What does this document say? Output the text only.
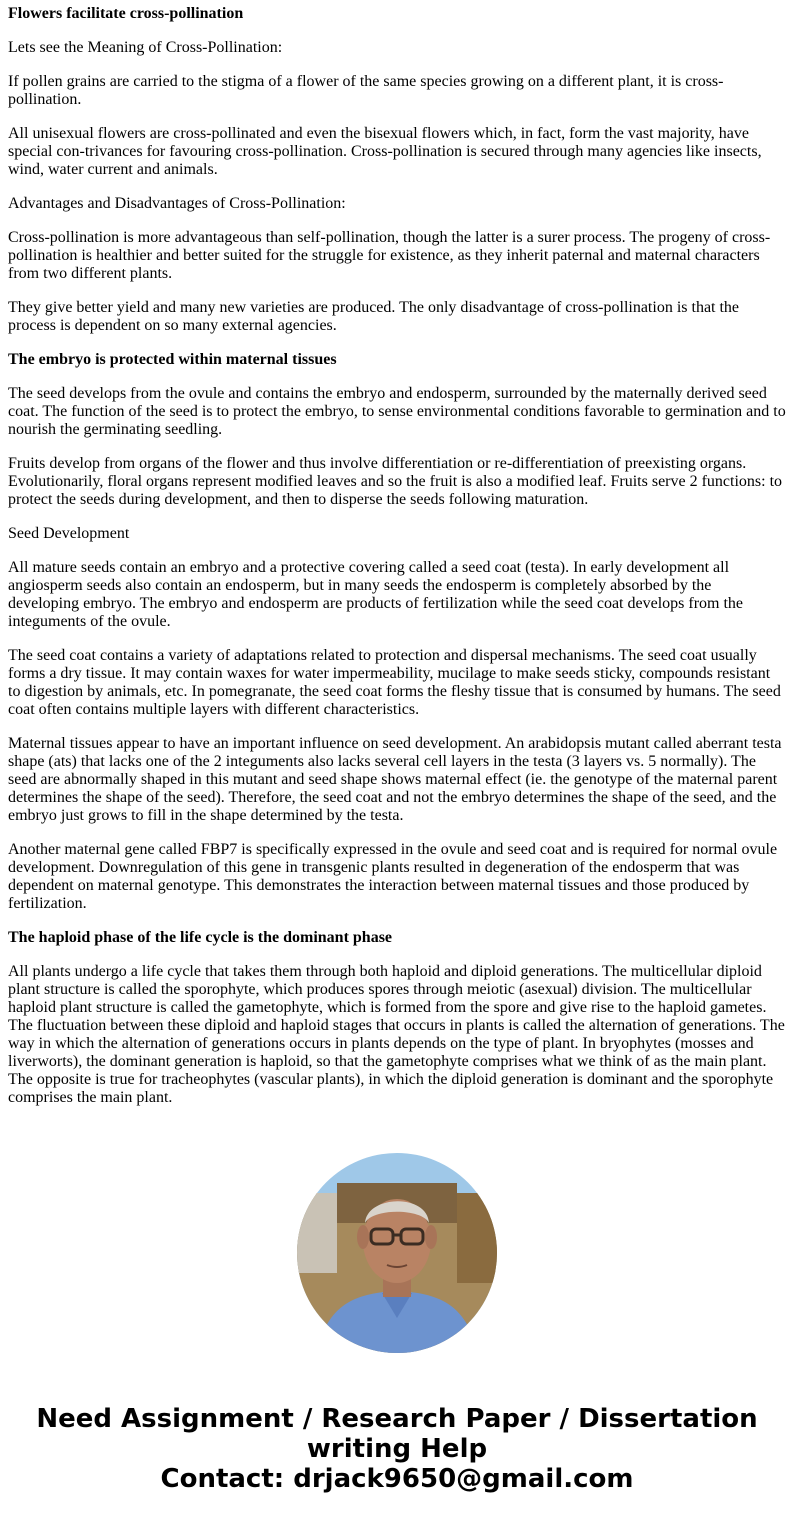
Flowers facilitate cross-pollination

Lets see the Meaning of Cross-Pollination:

If pollen grains are carried to the stigma of a flower of the same species growing on a different plant, it is cross-pollination.

All unisexual flowers are cross-pollinated and even the bisexual flowers which, in fact, form the vast majority, have special con-trivances for favouring cross-pollination. Cross-pollination is secured through many agencies like insects, wind, water current and animals.

Advantages and Disadvantages of Cross-Pollination:

Cross-pollination is more advantageous than self-pollination, though the latter is a surer process. The progeny of cross-pollination is healthier and better suited for the struggle for existence, as they inherit paternal and maternal characters from two different plants.

They give better yield and many new varieties are produced. The only disadvantage of cross-pollination is that the process is dependent on so many external agencies.

The embryo is protected within maternal tissues

The seed develops from the ovule and contains the embryo and endosperm, surrounded by the maternally derived seed coat. The function of the seed is to protect the embryo, to sense environmental conditions favorable to germination and to nourish the germinating seedling.

Fruits develop from organs of the flower and thus involve differentiation or re-differentiation of preexisting organs. Evolutionarily, floral organs represent modified leaves and so the fruit is also a modified leaf. Fruits serve 2 functions: to protect the seeds during development, and then to disperse the seeds following maturation.

Seed Development

All mature seeds contain an embryo and a protective covering called a seed coat (testa). In early development all angiosperm seeds also contain an endosperm, but in many seeds the endosperm is completely absorbed by the developing embryo. The embryo and endosperm are products of fertilization while the seed coat develops from the integuments of the ovule.

The seed coat contains a variety of adaptations related to protection and dispersal mechanisms. The seed coat usually forms a dry tissue. It may contain waxes for water impermeability, mucilage to make seeds sticky, compounds resistant to digestion by animals, etc. In pomegranate, the seed coat forms the fleshy tissue that is consumed by humans. The seed coat often contains multiple layers with different characteristics.

Maternal tissues appear to have an important influence on seed development. An arabidopsis mutant called aberrant testa shape (ats) that lacks one of the 2 integuments also lacks several cell layers in the testa (3 layers vs. 5 normally). The seed are abnormally shaped in this mutant and seed shape shows maternal effect (ie. the genotype of the maternal parent determines the shape of the seed). Therefore, the seed coat and not the embryo determines the shape of the seed, and the embryo just grows to fill in the shape determined by the testa.

Another maternal gene called FBP7 is specifically expressed in the ovule and seed coat and is required for normal ovule development. Downregulation of this gene in transgenic plants resulted in degeneration of the endosperm that was dependent on maternal genotype. This demonstrates the interaction between maternal tissues and those produced by fertilization.

The haploid phase of the life cycle is the dominant phase

All plants undergo a life cycle that takes them through both haploid and diploid generations. The multicellular diploid plant structure is called the sporophyte, which produces spores through meiotic (asexual) division. The multicellular haploid plant structure is called the gametophyte, which is formed from the spore and give rise to the haploid gametes. The fluctuation between these diploid and haploid stages that occurs in plants is called the alternation of generations. The way in which the alternation of generations occurs in plants depends on the type of plant. In bryophytes (mosses and liverworts), the dominant generation is haploid, so that the gametophyte comprises what we think of as the main plant. The opposite is true for tracheophytes (vascular plants), in which the diploid generation is dominant and the sporophyte comprises the main plant.

Need Assignment / Research Paper / Dissertation
writing Help
Contact: drjack9650@gmail.com
